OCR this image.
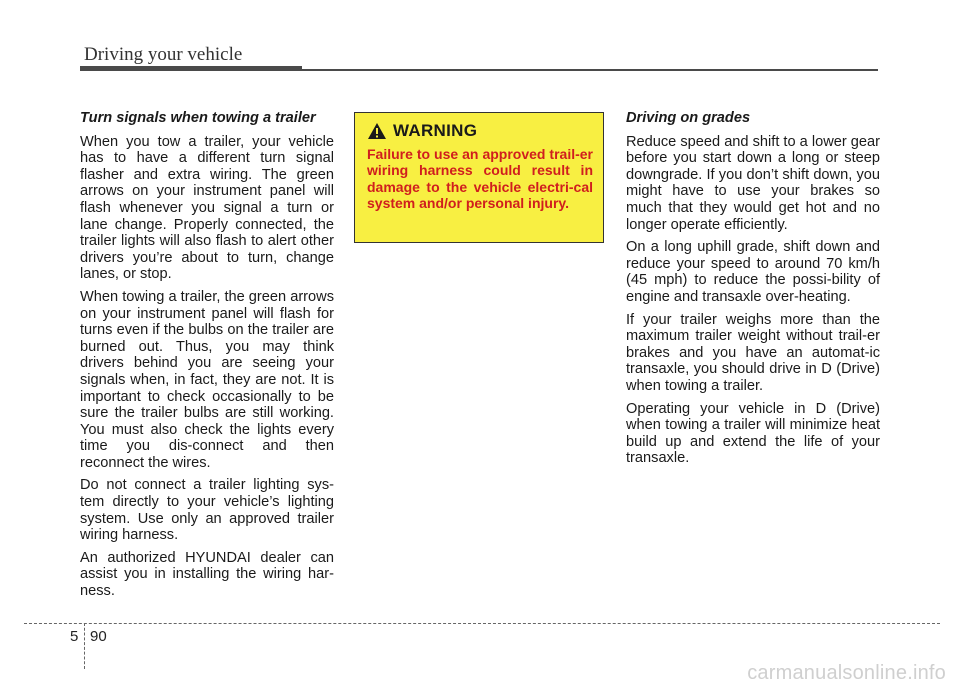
Driving your vehicle
Turn signals when towing a trailer

When you tow a trailer, your vehicle has to have a different turn signal flasher and extra wiring. The green arrows on your instrument panel will flash whenever you signal a turn or lane change. Properly connected, the trailer lights will also flash to alert other drivers you’re about to turn, change lanes, or stop.

When towing a trailer, the green arrows on your instrument panel will flash for turns even if the bulbs on the trailer are burned out. Thus, you may think drivers behind you are seeing your signals when, in fact, they are not. It is important to check occasionally to be sure the trailer bulbs are still working. You must also check the lights every time you dis-connect and then reconnect the wires.

Do not connect a trailer lighting sys-tem directly to your vehicle’s lighting system. Use only an approved trailer wiring harness.

An authorized HYUNDAI dealer can assist you in installing the wiring har-ness.

WARNING

Failure to use an approved trail-er wiring harness could result in damage to the vehicle electri-cal system and/or personal injury.

Driving on grades

Reduce speed and shift to a lower gear before you start down a long or steep downgrade. If you don’t shift down, you might have to use your brakes so much that they would get hot and no longer operate efficiently.

On a long uphill grade, shift down and reduce your speed to around 70 km/h (45 mph) to reduce the possi-bility of engine and transaxle over-heating.

If your trailer weighs more than the maximum trailer weight without trail-er brakes and you have an automat-ic transaxle, you should drive in D (Drive) when towing a trailer.

Operating your vehicle in D (Drive) when towing a trailer will minimize heat build up and extend the life of your transaxle.

5 90
carmanualsonline.info
